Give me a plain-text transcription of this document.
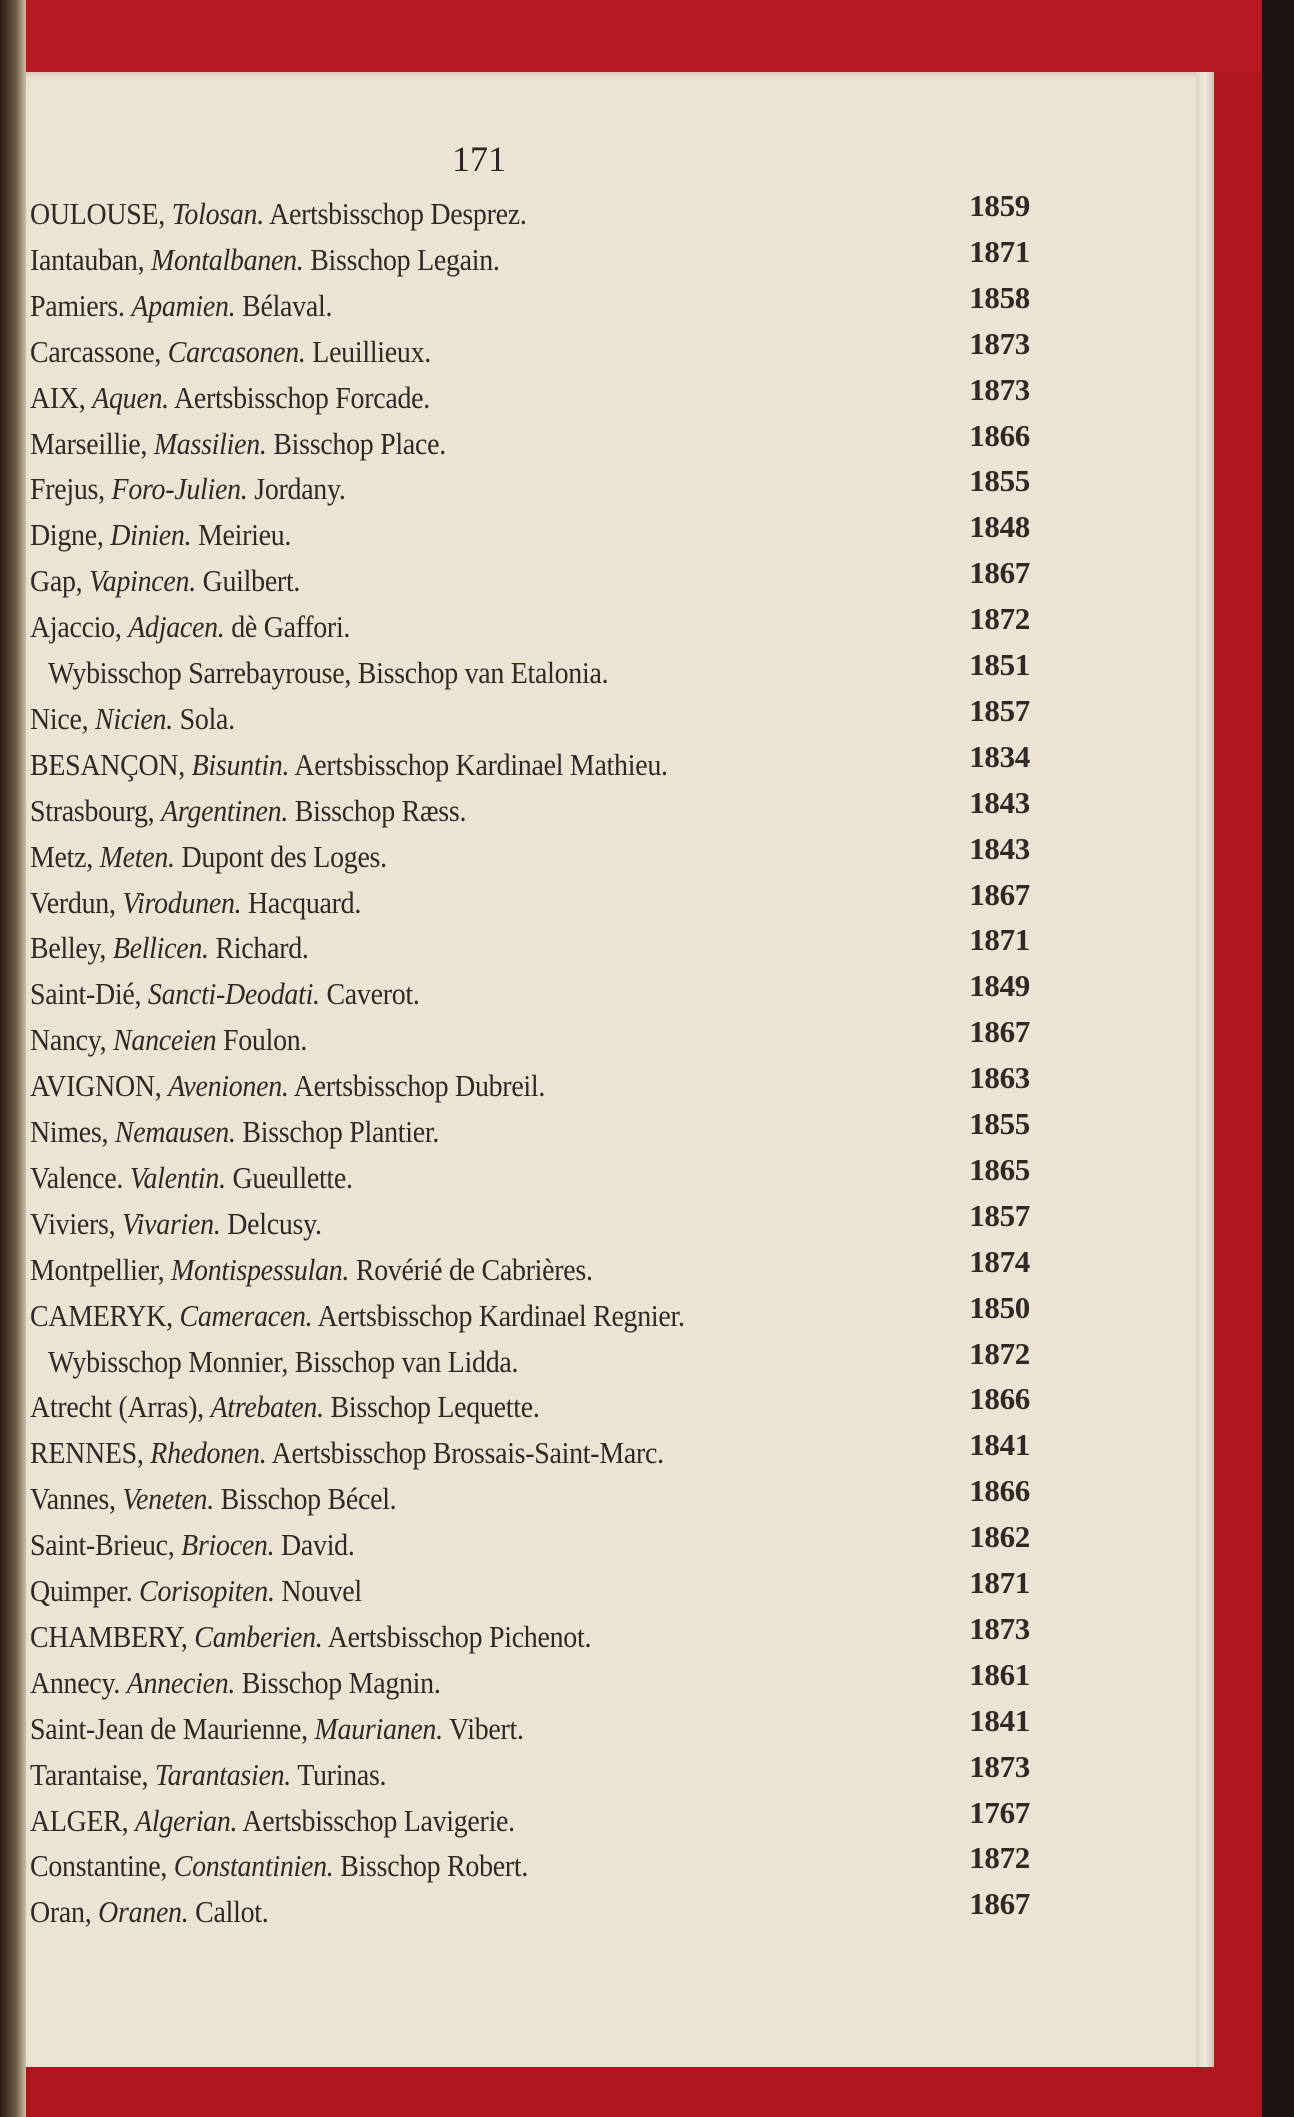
171
OULOUSE, Tolosan. Aertsbisschop Desprez.	1859
Iantauban, Montalbanen. Bisschop Legain.	1871
Pamiers. Apamien. Bélaval.	1858
Carcassone, Carcasonen. Leuillieux.	1873
AIX, Aquen. Aertsbisschop Forcade.	1873
Marseillie, Massilien. Bisschop Place.	1866
Frejus, Foro-Julien. Jordany.	1855
Digne, Dinien. Meirieu.	1848
Gap, Vapincen. Guilbert.	1867
Ajaccio, Adjacen. dè Gaffori.	1872
Wybisschop Sarrebayrouse, Bisschop van Etalonia.	1851
Nice, Nicien. Sola.	1857
BESANÇON, Bisuntin. Aertsbisschop Kardinael Mathieu.	1834
Strasbourg, Argentinen. Bisschop Ræss.	1843
Metz, Meten. Dupont des Loges.	1843
Verdun, Virodunen. Hacquard.	1867
Belley, Bellicen. Richard.	1871
Saint-Dié, Sancti-Deodati. Caverot.	1849
Nancy, Nanceien Foulon.	1867
AVIGNON, Avenionen. Aertsbisschop Dubreil.	1863
Nimes, Nemausen. Bisschop Plantier.	1855
Valence. Valentin. Gueullette.	1865
Viviers, Vivarien. Delcusy.	1857
Montpellier, Montispessulan. Rovérié de Cabrières.	1874
CAMERYK, Cameracen. Aertsbisschop Kardinael Regnier.	1850
Wybisschop Monnier, Bisschop van Lidda.	1872
Atrecht (Arras), Atrebaten. Bisschop Lequette.	1866
RENNES, Rhedonen. Aertsbisschop Brossais-Saint-Marc.	1841
Vannes, Veneten. Bisschop Bécel.	1866
Saint-Brieuc, Briocen. David.	1862
Quimper. Corisopiten. Nouvel	1871
CHAMBERY, Camberien. Aertsbisschop Pichenot.	1873
Annecy. Annecien. Bisschop Magnin.	1861
Saint-Jean de Maurienne, Maurianen. Vibert.	1841
Tarantaise, Tarantasien. Turinas.	1873
ALGER, Algerian. Aertsbisschop Lavigerie.	1767
Constantine, Constantinien. Bisschop Robert.	1872
Oran, Oranen. Callot.	1867
